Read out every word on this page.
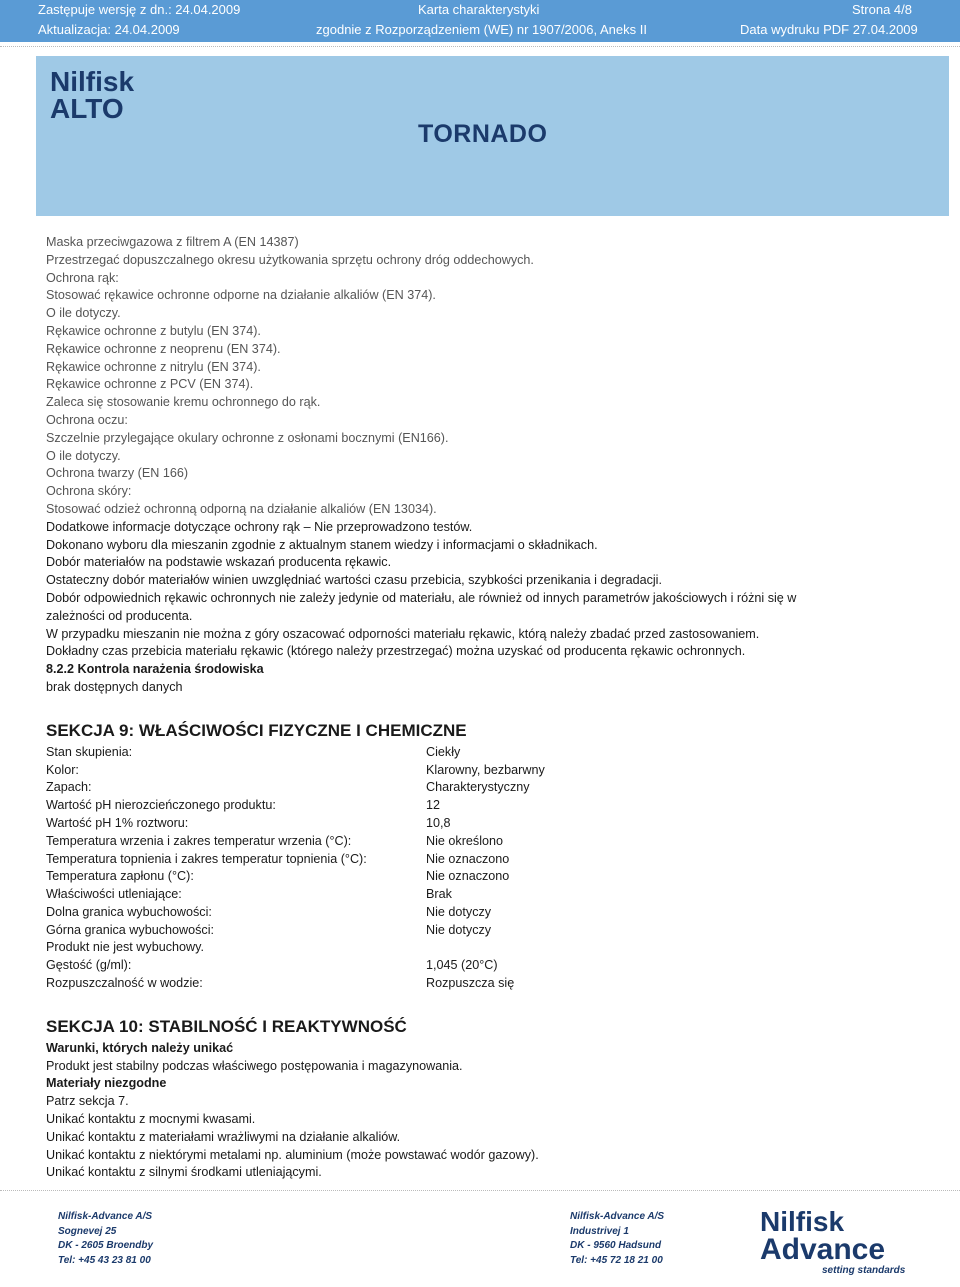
Zastępuje wersję z dn.: 24.04.2009	Karta charakterystyki	Strona 4/8
Aktualizacja: 24.04.2009	zgodnie z Rozporządzeniem (WE) nr 1907/2006, Aneks II	Data wydruku PDF 27.04.2009
Nilfisk
ALTO
TORNADO
Maska przeciwgazowa z filtrem A (EN 14387)
Przestrzegać dopuszczalnego okresu użytkowania sprzętu ochrony dróg oddechowych.
Ochrona rąk:
Stosować rękawice ochronne odporne na działanie alkaliów (EN 374).
O ile dotyczy.
Rękawice ochronne z butylu (EN 374).
Rękawice ochronne z neoprenu (EN 374).
Rękawice ochronne z nitrylu (EN 374).
Rękawice ochronne z PCV (EN 374).
Zaleca się stosowanie kremu ochronnego do rąk.
Ochrona oczu:
Szczelnie przylegające okulary ochronne z osłonami bocznymi (EN166).
O ile dotyczy.
Ochrona twarzy (EN 166)
Ochrona skóry:
Stosować odzież ochronną odporną na działanie alkaliów (EN 13034).
Dodatkowe informacje dotyczące ochrony rąk – Nie przeprowadzono testów.
Dokonano wyboru dla mieszanin zgodnie z aktualnym stanem wiedzy i informacjami o składnikach.
Dobór materiałów na podstawie wskazań producenta rękawic.
Ostateczny dobór materiałów winien uwzględniać wartości czasu przebicia, szybkości przenikania i degradacji.
Dobór odpowiednich rękawic ochronnych nie zależy jedynie od materiału, ale również od innych parametrów jakościowych i różni się w
zależności od producenta.
W przypadku mieszanin nie można z góry oszacować odporności materiału rękawic, którą należy zbadać przed zastosowaniem.
Dokładny czas przebicia materiału rękawic (którego należy przestrzegać) można uzyskać od producenta rękawic ochronnych.
8.2.2 Kontrola narażenia środowiska
brak dostępnych danych
SEKCJA 9: WŁAŚCIWOŚCI FIZYCZNE I CHEMICZNE
Stan skupienia:	Ciekły
Kolor:	Klarowny, bezbarwny
Zapach:	Charakterystyczny
Wartość pH nierozcieńczonego produktu:	12
Wartość pH 1% roztworu:	10,8
Temperatura wrzenia i zakres temperatur wrzenia (°C):	Nie określono
Temperatura topnienia i zakres temperatur topnienia (°C):	Nie oznaczono
Temperatura zapłonu (°C):	Nie oznaczono
Właściwości utleniające:	Brak
Dolna granica wybuchowości:	Nie dotyczy
Górna granica wybuchowości:	Nie dotyczy
Produkt nie jest wybuchowy.
Gęstość (g/ml):	1,045 (20°C)
Rozpuszczalność w wodzie:	Rozpuszcza się
SEKCJA 10: STABILNOŚĆ I REAKTYWNOŚĆ
Warunki, których należy unikać
Produkt jest stabilny podczas właściwego postępowania i magazynowania.
Materiały niezgodne
Patrz sekcja 7.
Unikać kontaktu z mocnymi kwasami.
Unikać kontaktu z materiałami wrażliwymi na działanie alkaliów.
Unikać kontaktu z niektórymi metalami np. aluminium (może powstawać wodór gazowy).
Unikać kontaktu z silnymi środkami utleniającymi.
Nilfisk-Advance A/S
Sognevej 25
DK - 2605 Broendby
Tel: +45 43 23 81 00
Nilfisk-Advance A/S
Industrivej 1
DK - 9560 Hadsund
Tel: +45 72 18 21 00
Nilfisk
Advance
setting standards
